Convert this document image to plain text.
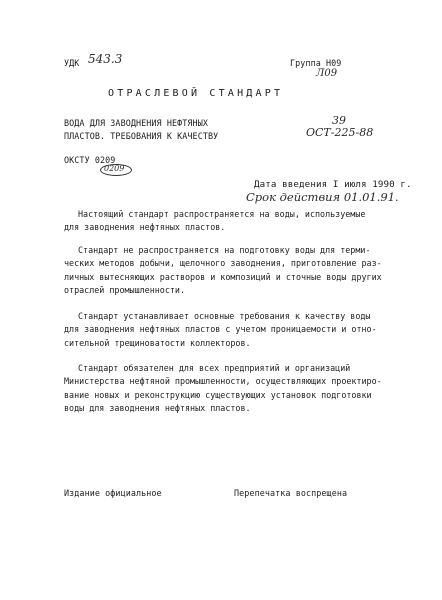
УДК 543.3	Группа Н09
Л09
ОТРАСЛЕВОЙ СТАНДАРТ
ВОДА ДЛЯ ЗАВОДНЕНИЯ НЕФТЯНЫХ
ПЛАСТОВ. ТРЕБОВАНИЯ К КАЧЕСТВУ
39
ОСТ-225-88
ОКСТУ 0209
0209
Дата введения I июля 1990 г.
Срок действия 01.01.91.

Настоящий стандарт распространяется на воды, используемые

для заводнения нефтяных пластов.

Стандарт не распространяется на подготовку воды для терми-

ческих методов добычи, щелочного заводнения, приготовление раз-

личных вытесняющих растворов и композиций и сточные воды других

отраслей промышленности.

Стандарт устанавливает основные требования к качеству воды

для заводнения нефтяных пластов с учетом проницаемости и отно-

сительной трещиноватости коллекторов.

Стандарт обязателен для всех предприятий и организаций

Министерства нефтяной промышленности, осуществляющих проектиро-

вание новых и реконструкцию существующих установок подготовки

воды для заводнения нефтяных пластов.

Издание официальное	Перепечатка воспрещена
